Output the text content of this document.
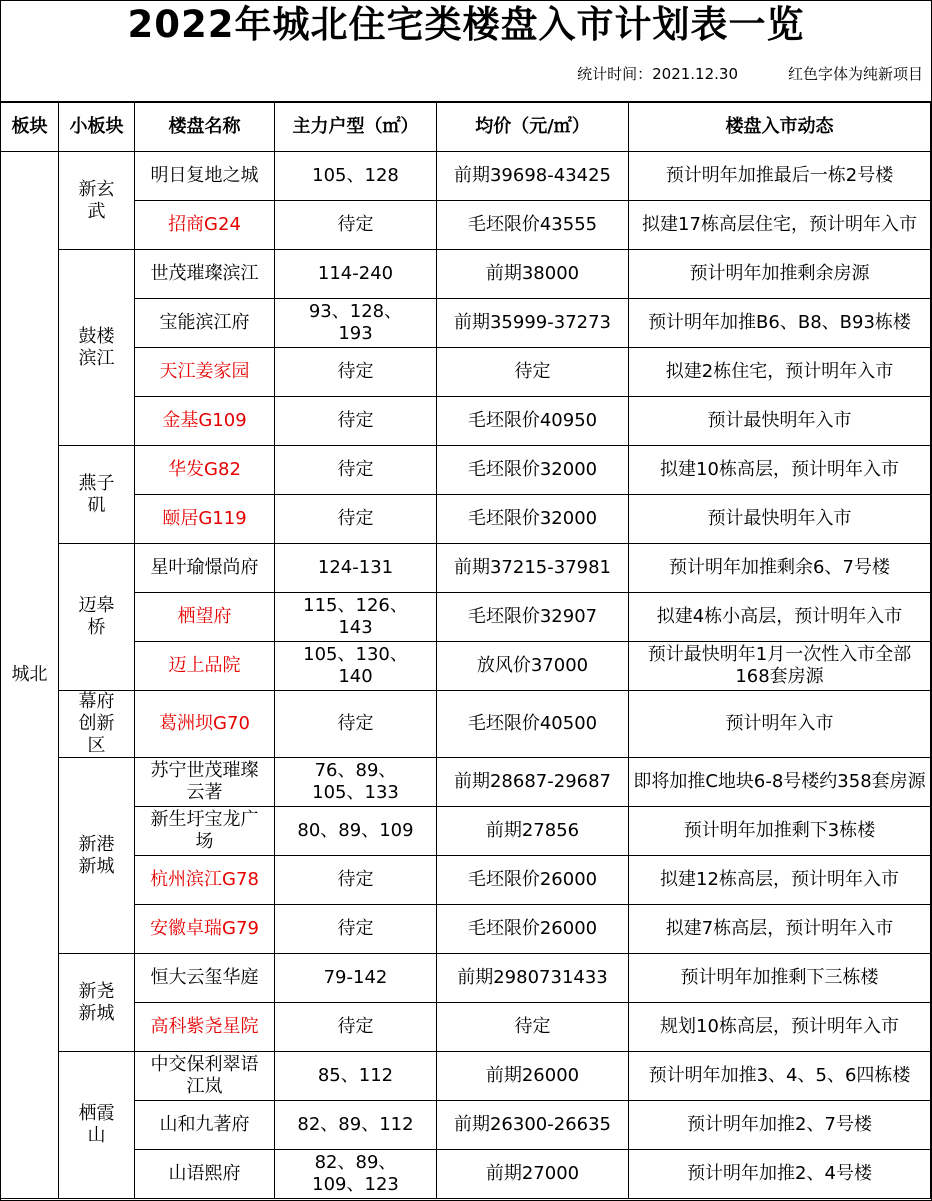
2022年城北住宅类楼盘入市计划表一览
统计时间：2021.12.30	红色字体为纯新项目
板块	小板块	楼盘名称	主力户型（㎡）	均价（元/㎡）	楼盘入市动态
城北	新玄武	明日复地之城	105、128	前期39698-43425	预计明年加推最后一栋2号楼
		招商G24	待定	毛坯限价43555	拟建17栋高层住宅，预计明年入市
	鼓楼滨江	世茂璀璨滨江	114-240	前期38000	预计明年加推剩余房源
		宝能滨江府	93、128、193	前期35999-37273	预计明年加推B6、B8、B93栋楼
		天江姜家园	待定	待定	拟建2栋住宅，预计明年入市
		金基G109	待定	毛坯限价40950	预计最快明年入市
	燕子矶	华发G82	待定	毛坯限价32000	拟建10栋高层，预计明年入市
		颐居G119	待定	毛坯限价32000	预计最快明年入市
	迈皋桥	星叶瑜憬尚府	124-131	前期37215-37981	预计明年加推剩余6、7号楼
		栖望府	115、126、143	毛坯限价32907	拟建4栋小高层，预计明年入市
		迈上品院	105、130、140	放风价37000	预计最快明年1月一次性入市全部168套房源
	幕府创新区	葛洲坝G70	待定	毛坯限价40500	预计明年入市
	新港新城	苏宁世茂璀璨云著	76、89、105、133	前期28687-29687	即将加推C地块6-8号楼约358套房源
		新生圩宝龙广场	80、89、109	前期27856	预计明年加推剩下3栋楼
		杭州滨江G78	待定	毛坯限价26000	拟建12栋高层，预计明年入市
		安徽卓瑞G79	待定	毛坯限价26000	拟建7栋高层，预计明年入市
	新尧新城	恒大云玺华庭	79-142	前期2980731433	预计明年加推剩下三栋楼
		高科紫尧星院	待定	待定	规划10栋高层，预计明年入市
	栖霞山	中交保利翠语江岚	85、112	前期26000	预计明年加推3、4、5、6四栋楼
		山和九著府	82、89、112	前期26300-26635	预计明年加推2、7号楼
		山语熙府	82、89、109、123	前期27000	预计明年加推2、4号楼
